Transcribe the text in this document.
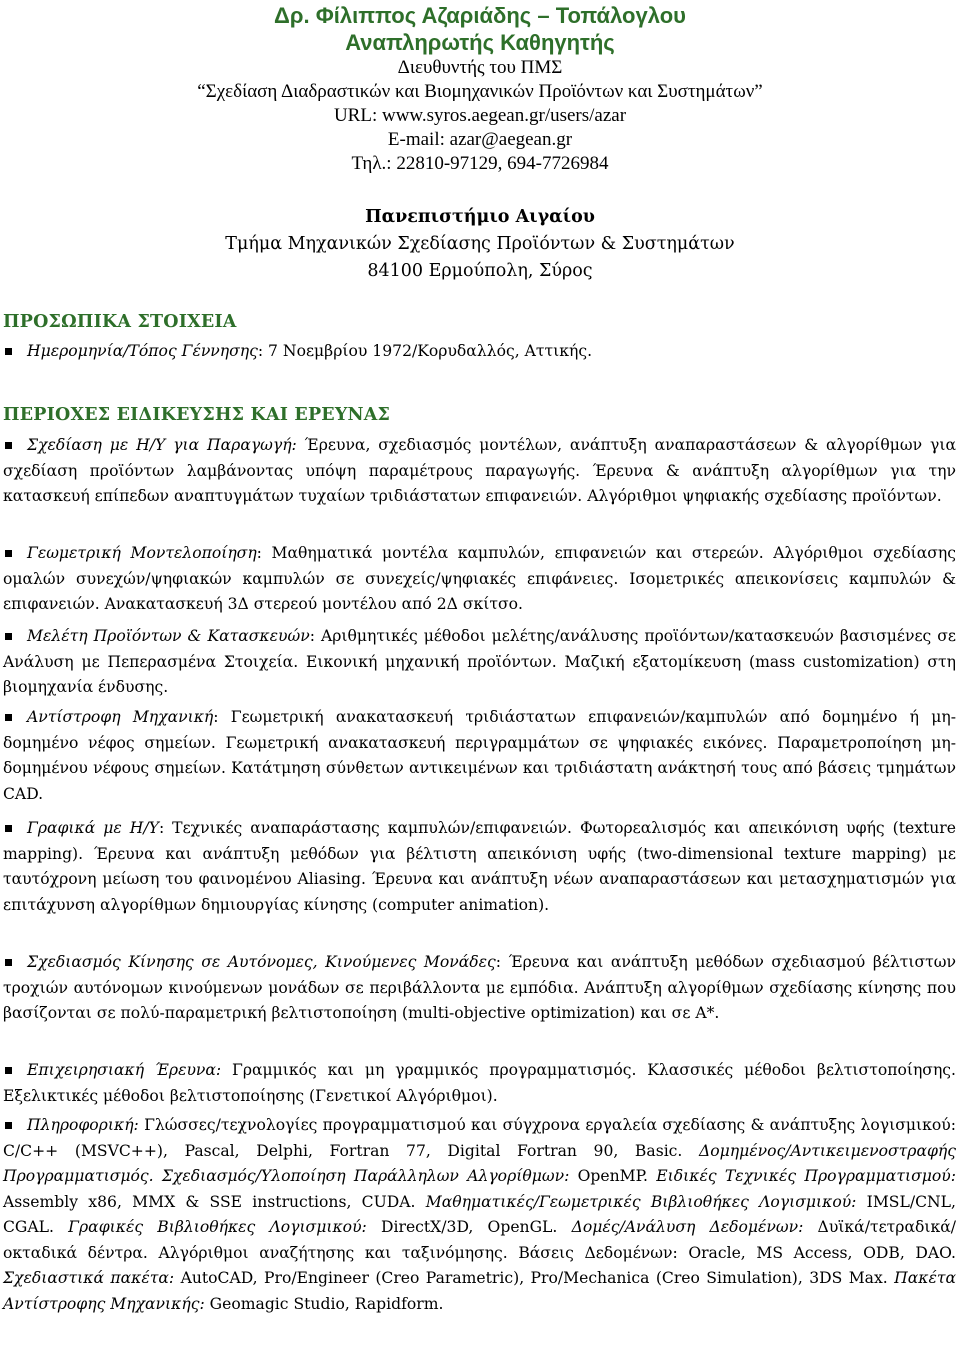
Δρ. Φίλιππος Αζαριάδης – Τοπάλογλου
Αναπληρωτής Καθηγητής
Διευθυντής του ΠΜΣ
“Σχεδίαση Διαδραστικών και Βιομηχανικών Προϊόντων και Συστημάτων”
URL: www.syros.aegean.gr/users/azar
E-mail: azar@aegean.gr
Τηλ.: 22810-97129, 694-7726984
Πανεπιστήμιο Αιγαίου
Τμήμα Μηχανικών Σχεδίασης Προϊόντων & Συστημάτων
84100 Ερμούπολη, Σύρος
ΠΡΟΣΩΠΙΚΑ ΣΤΟΙΧΕΙΑ
Ημερομηνία/Τόπος Γέννησης: 7 Νοεμβρίου 1972/Κορυδαλλός, Αττικής.
ΠΕΡΙΟΧΕΣ ΕΙΔΙΚΕΥΣΗΣ ΚΑΙ ΕΡΕΥΝΑΣ
Σχεδίαση με Η/Υ για Παραγωγή: Έρευνα, σχεδιασμός μοντέλων, ανάπτυξη αναπαραστάσεων & αλγορίθμων για σχεδίαση προϊόντων λαμβάνοντας υπόψη παραμέτρους παραγωγής. Έρευνα & ανάπτυξη αλγορίθμων για την κατασκευή επίπεδων αναπτυγμάτων τυχαίων τριδιάστατων επιφανειών. Αλγόριθμοι ψηφιακής σχεδίασης προϊόντων.
Γεωμετρική Μοντελοποίηση: Μαθηματικά μοντέλα καμπυλών, επιφανειών και στερεών. Αλγόριθμοι σχεδίασης ομαλών συνεχών/ψηφιακών καμπυλών σε συνεχείς/ψηφιακές επιφάνειες. Ισομετρικές απεικονίσεις καμπυλών & επιφανειών. Ανακατασκευή 3Δ στερεού μοντέλου από 2Δ σκίτσο.
Μελέτη Προϊόντων & Κατασκευών: Αριθμητικές μέθοδοι μελέτης/ανάλυσης προϊόντων/κατασκευών βασισμένες σε Ανάλυση με Πεπερασμένα Στοιχεία. Εικονική μηχανική προϊόντων. Μαζική εξατομίκευση (mass customization) στη βιομηχανία ένδυσης.
Αντίστροφη Μηχανική: Γεωμετρική ανακατασκευή τριδιάστατων επιφανειών/καμπυλών από δομημένο ή μη-δομημένο νέφος σημείων. Γεωμετρική ανακατασκευή περιγραμμάτων σε ψηφιακές εικόνες. Παραμετροποίηση μη-δομημένου νέφους σημείων. Κατάτμηση σύνθετων αντικειμένων και τριδιάστατη ανάκτησή τους από βάσεις τμημάτων CAD.
Γραφικά με Η/Υ: Τεχνικές αναπαράστασης καμπυλών/επιφανειών. Φωτορεαλισμός και απεικόνιση υφής (texture mapping). Έρευνα και ανάπτυξη μεθόδων για βέλτιστη απεικόνιση υφής (two-dimensional texture mapping) με ταυτόχρονη μείωση του φαινομένου Aliasing. Έρευνα και ανάπτυξη νέων αναπαραστάσεων και μετασχηματισμών για επιτάχυνση αλγορίθμων δημιουργίας κίνησης (computer animation).
Σχεδιασμός Κίνησης σε Αυτόνομες, Κινούμενες Μονάδες: Έρευνα και ανάπτυξη μεθόδων σχεδιασμού βέλτιστων τροχιών αυτόνομων κινούμενων μονάδων σε περιβάλλοντα με εμπόδια. Ανάπτυξη αλγορίθμων σχεδίασης κίνησης που βασίζονται σε πολύ-παραμετρική βελτιστοποίηση (multi-objective optimization) και σε A*.
Επιχειρησιακή Έρευνα: Γραμμικός και μη γραμμικός προγραμματισμός. Κλασσικές μέθοδοι βελτιστοποίησης. Εξελικτικές μέθοδοι βελτιστοποίησης (Γενετικοί Αλγόριθμοι).
Πληροφορική: Γλώσσες/τεχνολογίες προγραμματισμού και σύγχρονα εργαλεία σχεδίασης & ανάπτυξης λογισμικού: C/C++ (MSVC++), Pascal, Delphi, Fortran 77, Digital Fortran 90, Basic. Δομημένος/Αντικειμενοστραφής Προγραμματισμός. Σχεδιασμός/Υλοποίηση Παράλληλων Αλγορίθμων: OpenMP. Ειδικές Τεχνικές Προγραμματισμού: Assembly x86, MMX & SSE instructions, CUDA. Μαθηματικές/Γεωμετρικές Βιβλιοθήκες Λογισμικού: IMSL/CNL, CGAL. Γραφικές Βιβλιοθήκες Λογισμικού: DirectX/3D, OpenGL. Δομές/Ανάλυση Δεδομένων: Δυϊκά/τετραδικά/οκταδικά δέντρα. Αλγόριθμοι αναζήτησης και ταξινόμησης. Βάσεις Δεδομένων: Oracle, MS Access, ODB, DAO. Σχεδιαστικά πακέτα: AutoCAD, Pro/Engineer (Creo Parametric), Pro/Mechanica (Creo Simulation), 3DS Max. Πακέτα Αντίστροφης Μηχανικής: Geomagic Studio, Rapidform.
